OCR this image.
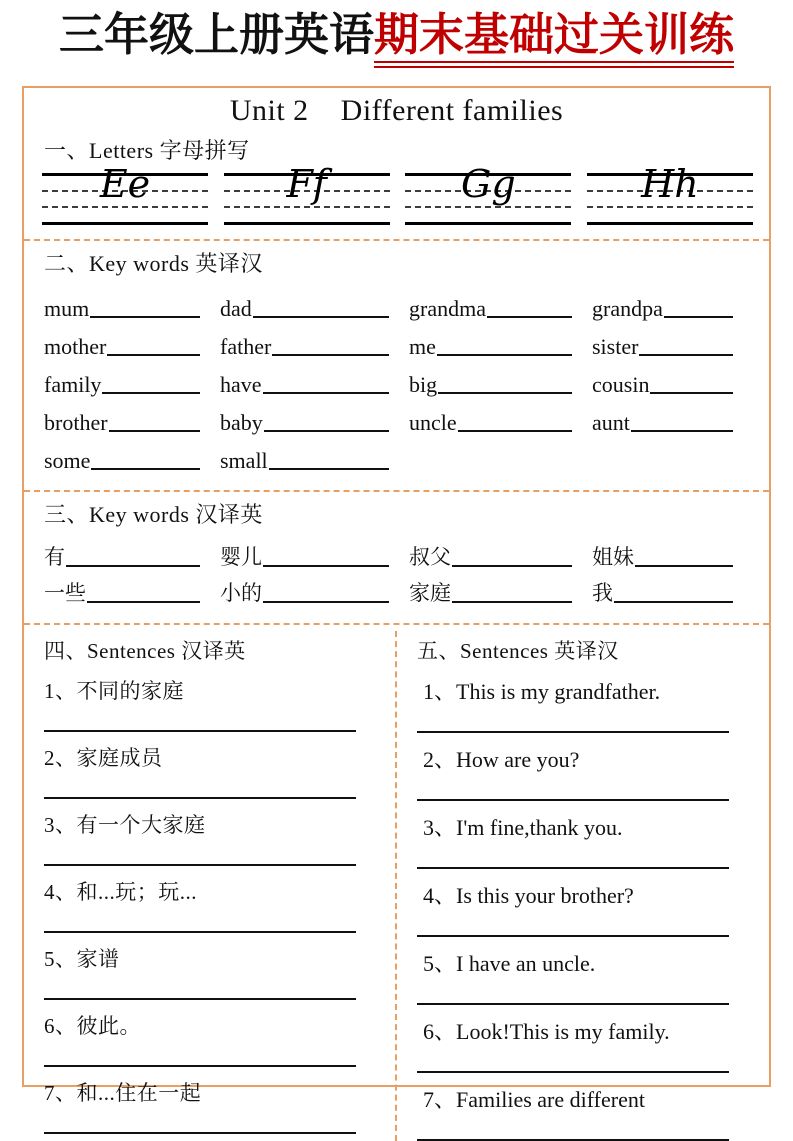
三年级上册英语期末基础过关训练
Unit 2    Different families
一、Letters 字母拼写
Ee	Ff	Gg	Hh
二、Key words 英译汉
mum	dad	grandma	grandpa
mother	father	me	sister
family	have	big	cousin
brother	baby	uncle	aunt
some	small
三、Key words 汉译英
有	婴儿	叔父	姐妹
一些	小的	家庭	我
四、Sentences 汉译英
1、不同的家庭
2、家庭成员
3、有一个大家庭
4、和...玩；玩...
5、家谱
6、彼此。
7、和...住在一起
五、Sentences 英译汉
1、This is my grandfather.
2、How are you?
3、I'm fine,thank you.
4、Is this your brother?
5、I have an uncle.
6、Look!This is my family.
7、Families are different
